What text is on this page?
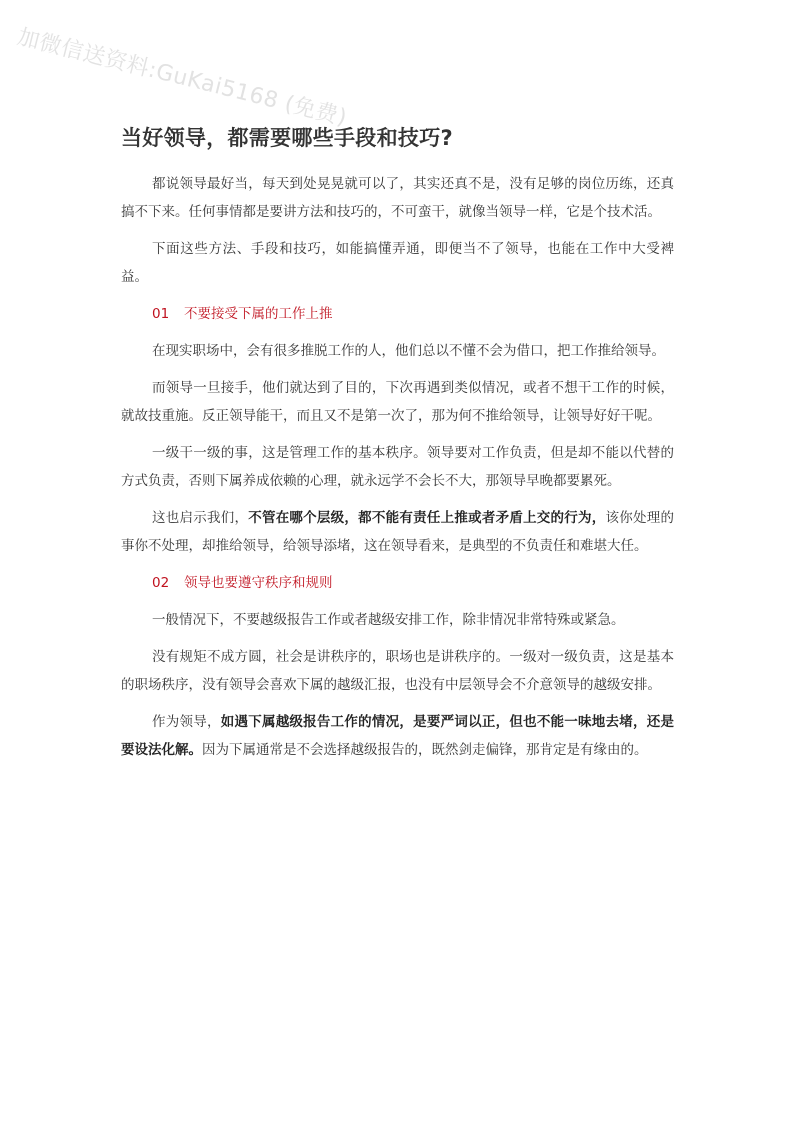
加微信送资料:GuKai5168 (免费)
当好领导，都需要哪些手段和技巧?

都说领导最好当，每天到处晃晃就可以了，其实还真不是，没有足够的岗位历练，还真搞不下来。任何事情都是要讲方法和技巧的，不可蛮干，就像当领导一样，它是个技术活。

下面这些方法、手段和技巧，如能搞懂弄通，即便当不了领导，也能在工作中大受裨益。

01 不要接受下属的工作上推

在现实职场中，会有很多推脱工作的人，他们总以不懂不会为借口，把工作推给领导。

而领导一旦接手，他们就达到了目的，下次再遇到类似情况，或者不想干工作的时候，就故技重施。反正领导能干，而且又不是第一次了，那为何不推给领导，让领导好好干呢。

一级干一级的事，这是管理工作的基本秩序。领导要对工作负责，但是却不能以代替的方式负责，否则下属养成依赖的心理，就永远学不会长不大，那领导早晚都要累死。

这也启示我们，不管在哪个层级，都不能有责任上推或者矛盾上交的行为，该你处理的事你不处理，却推给领导，给领导添堵，这在领导看来，是典型的不负责任和难堪大任。

02 领导也要遵守秩序和规则

一般情况下，不要越级报告工作或者越级安排工作，除非情况非常特殊或紧急。

没有规矩不成方圆，社会是讲秩序的，职场也是讲秩序的。一级对一级负责，这是基本的职场秩序，没有领导会喜欢下属的越级汇报，也没有中层领导会不介意领导的越级安排。

作为领导，如遇下属越级报告工作的情况，是要严词以正，但也不能一味地去堵，还是要设法化解。因为下属通常是不会选择越级报告的，既然剑走偏锋，那肯定是有缘由的。
